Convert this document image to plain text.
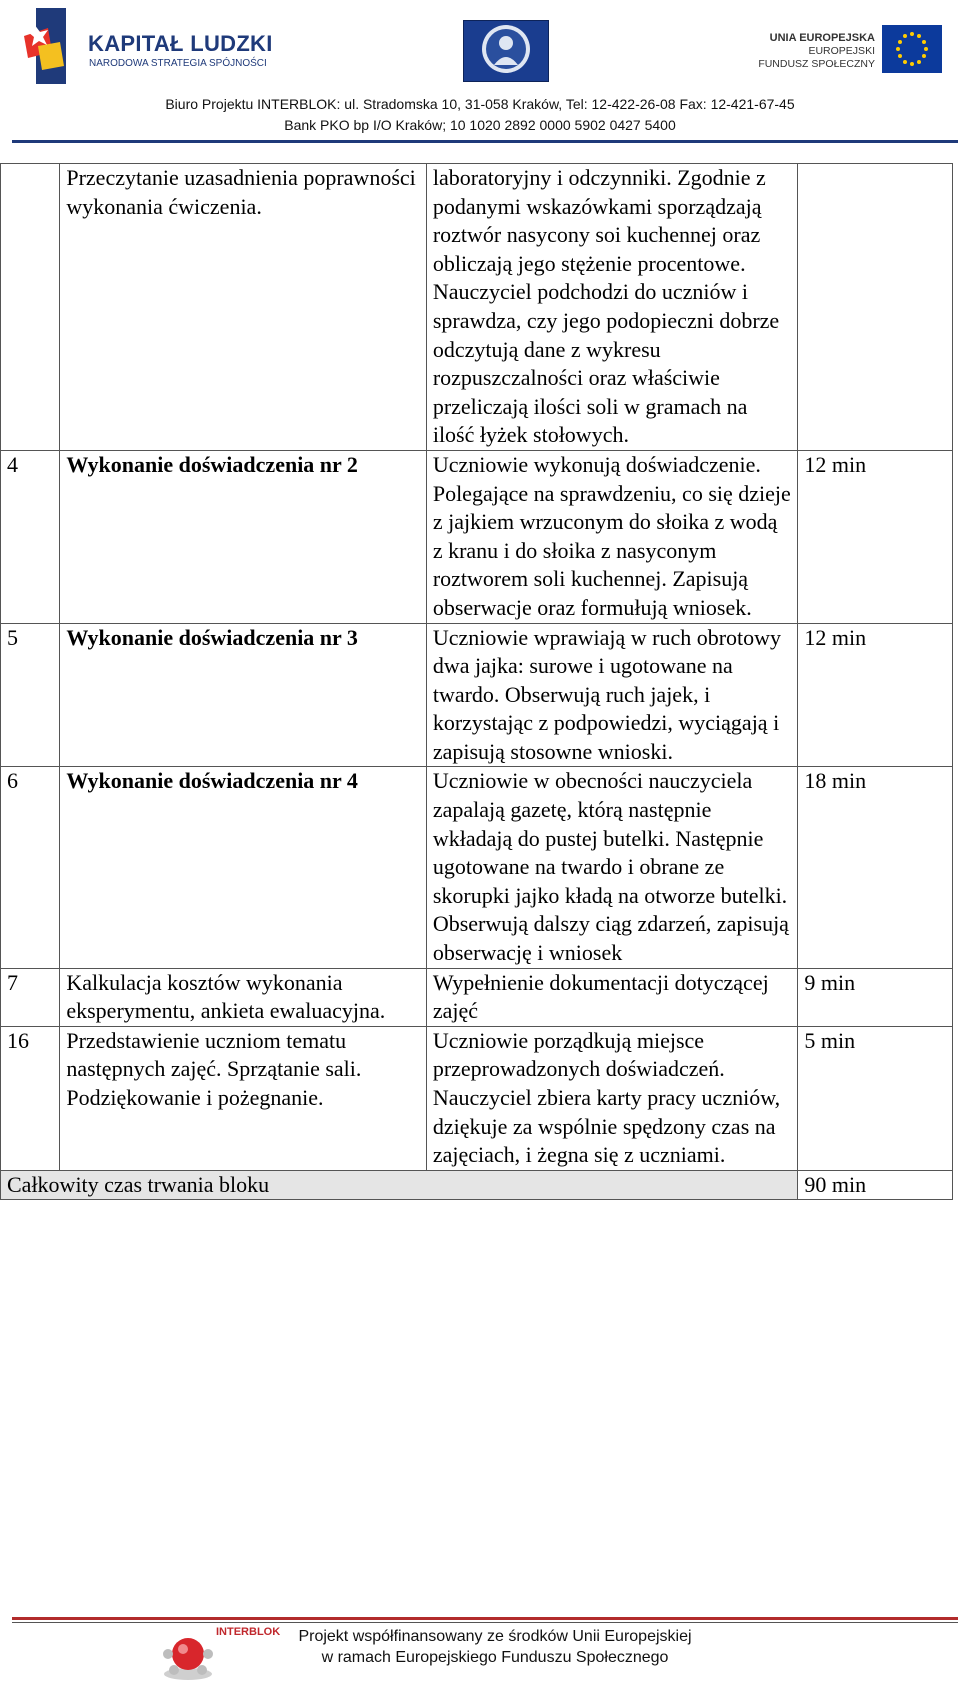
KAPITAŁ LUDZKI
NARODOWA STRATEGIA SPÓJNOŚCI
UNIA EUROPEJSKA
EUROPEJSKI
FUNDUSZ SPOŁECZNY
Biuro Projektu INTERBLOK: ul. Stradomska 10, 31-058 Kraków, Tel: 12-422-26-08 Fax: 12-421-67-45
Bank PKO bp I/O Kraków; 10 1020 2892 0000 5902 0427 5400
	Przeczytanie uzasadnienia poprawności wykonania ćwiczenia.	laboratoryjny i odczynniki. Zgodnie z podanymi wskazówkami sporządzają roztwór nasycony soi kuchennej oraz obliczają jego stężenie procentowe. Nauczyciel podchodzi do uczniów i sprawdza, czy jego podopieczni dobrze odczytują dane z wykresu rozpuszczalności oraz właściwie przeliczają ilości soli w gramach na ilość łyżek stołowych.	
4	Wykonanie doświadczenia nr 2	Uczniowie wykonują doświadczenie. Polegające na sprawdzeniu, co się dzieje z jajkiem wrzuconym do słoika z wodą z kranu i do słoika z nasyconym roztworem soli kuchennej. Zapisują obserwacje oraz formułują wniosek.	12 min
5	Wykonanie doświadczenia nr 3	Uczniowie wprawiają w ruch obrotowy dwa jajka: surowe i ugotowane na twardo. Obserwują ruch jajek, i korzystając z podpowiedzi, wyciągają i zapisują stosowne wnioski.	12 min
6	Wykonanie doświadczenia nr 4	Uczniowie w obecności nauczyciela zapalają gazetę, którą następnie wkładają do pustej butelki. Następnie ugotowane na twardo i obrane ze skorupki jajko kładą na otworze butelki. Obserwują dalszy ciąg zdarzeń, zapisują obserwację i wniosek	18 min
7	Kalkulacja kosztów wykonania eksperymentu, ankieta ewaluacyjna.	Wypełnienie dokumentacji dotyczącej zajęć	9 min
16	Przedstawienie uczniom tematu następnych zajęć. Sprzątanie sali. Podziękowanie i pożegnanie.	Uczniowie porządkują miejsce przeprowadzonych doświadczeń. Nauczyciel zbiera karty pracy uczniów, dziękuje za wspólnie spędzony czas na zajęciach, i żegna się z uczniami.	5 min
Całkowity czas trwania bloku			90 min
INTERBLOK	Projekt współfinansowany ze środków Unii Europejskiej
w ramach Europejskiego Funduszu Społecznego
